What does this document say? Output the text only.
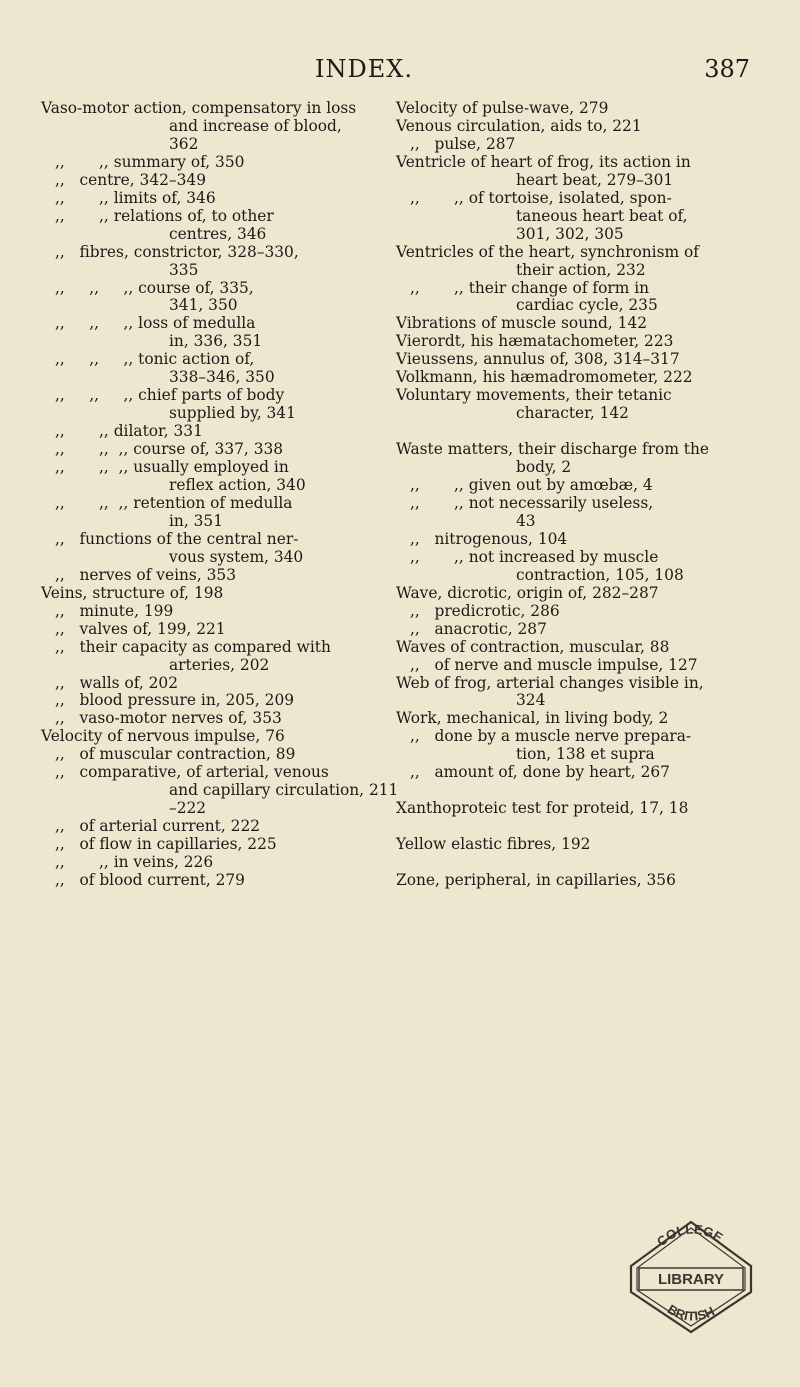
INDEX.	387
Vaso-motor action, compensatory in loss
and increase of blood,
362
,,       ,, summary of, 350
,,   centre, 342–349
,,       ,, limits of, 346
,,       ,, relations of, to other
centres, 346
,,   fibres, constrictor, 328–330,
335
,,     ,,     ,, course of, 335,
341, 350
,,     ,,     ,, loss of medulla
in, 336, 351
,,     ,,     ,, tonic action of,
338–346, 350
,,     ,,     ,, chief parts of body
supplied by, 341
,,       ,, dilator, 331
,,       ,,  ,, course of, 337, 338
,,       ,,  ,, usually employed in
reflex action, 340
,,       ,,  ,, retention of medulla
in, 351
,,   functions of the central ner-
vous system, 340
,,   nerves of veins, 353
Veins, structure of, 198
,,   minute, 199
,,   valves of, 199, 221
,,   their capacity as compared with
arteries, 202
,,   walls of, 202
,,   blood pressure in, 205, 209
,,   vaso-motor nerves of, 353
Velocity of nervous impulse, 76
,,   of muscular contraction, 89
,,   comparative, of arterial, venous
and capillary circulation, 211
–222
,,   of arterial current, 222
,,   of flow in capillaries, 225
,,       ,, in veins, 226
,,   of blood current, 279
Velocity of pulse-wave, 279
Venous circulation, aids to, 221
,,   pulse, 287
Ventricle of heart of frog, its action in
heart beat, 279–301
,,       ,, of tortoise, isolated, spon-
taneous heart beat of,
301, 302, 305
Ventricles of the heart, synchronism of
their action, 232
,,       ,, their change of form in
cardiac cycle, 235
Vibrations of muscle sound, 142
Vierordt, his hæmatachometer, 223
Vieussens, annulus of, 308, 314–317
Volkmann, his hæmadromometer, 222
Voluntary movements, their tetanic
character, 142

Waste matters, their discharge from the
body, 2
,,       ,, given out by amœbæ, 4
,,       ,, not necessarily useless,
43
,,   nitrogenous, 104
,,       ,, not increased by muscle
contraction, 105, 108
Wave, dicrotic, origin of, 282–287
,,   predicrotic, 286
,,   anacrotic, 287
Waves of contraction, muscular, 88
,,   of nerve and muscle impulse, 127
Web of frog, arterial changes visible in,
324
Work, mechanical, in living body, 2
,,   done by a muscle nerve prepara-
tion, 138 et supra
,,   amount of, done by heart, 267

Xanthoproteic test for proteid, 17, 18

Yellow elastic fibres, 192

Zone, peripheral, in capillaries, 356
COLLEGE
LIBRARY
BRITISH
